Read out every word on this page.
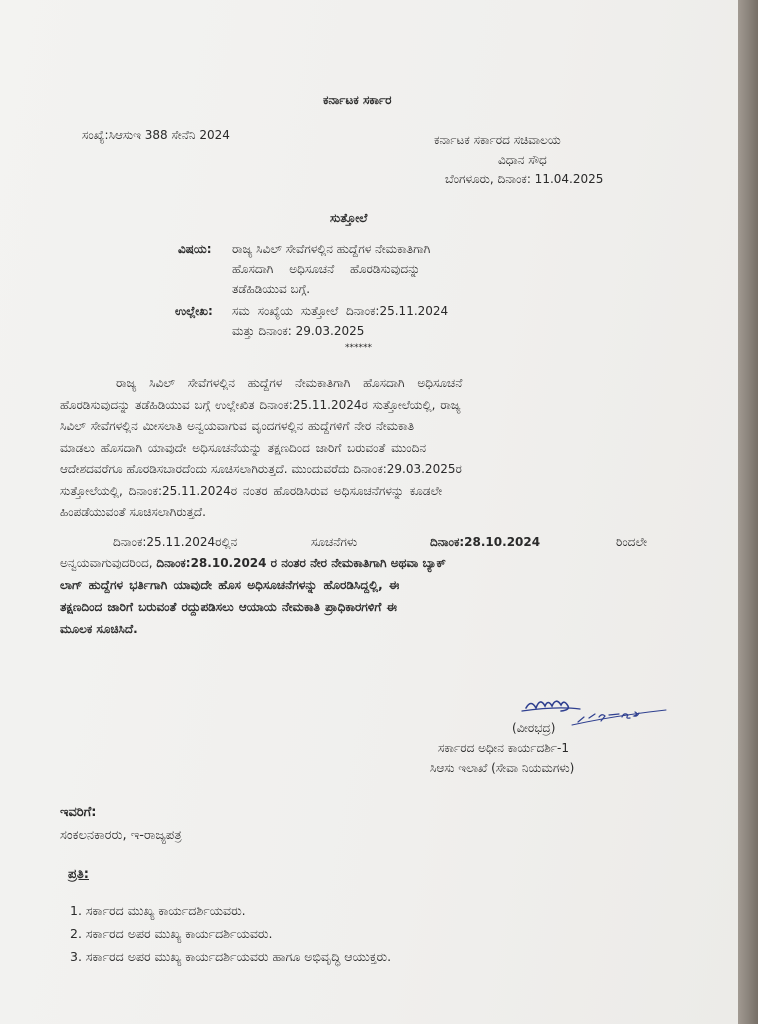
ಕರ್ನಾಟಕ ಸರ್ಕಾರ
ಸಂಖ್ಯೆ:ಸಿಆಸುಇ 388 ಸೇನೆನಿ 2024	ಕರ್ನಾಟಕ ಸರ್ಕಾರದ ಸಚಿವಾಲಯ
ವಿಧಾನ ಸೌಧ
ಬೆಂಗಳೂರು, ದಿನಾಂಕ: 11.04.2025
ಸುತ್ತೋಲೆ
ವಿಷಯ: ರಾಜ್ಯ ಸಿವಿಲ್ ಸೇವೆಗಳಲ್ಲಿನ ಹುದ್ದೆಗಳ ನೇಮಕಾತಿಗಾಗಿ
ಹೊಸದಾಗಿ ಅಧಿಸೂಚನೆ ಹೊರಡಿಸುವುದನ್ನು
ತಡೆಹಿಡಿಯುವ ಬಗ್ಗೆ.
ಉಲ್ಲೇಖ: ಸಮ ಸಂಖ್ಯೆಯ ಸುತ್ತೋಲೆ ದಿನಾಂಕ:25.11.2024
ಮತ್ತು ದಿನಾಂಕ: 29.03.2025
******
ರಾಜ್ಯ ಸಿವಿಲ್ ಸೇವೆಗಳಲ್ಲಿನ ಹುದ್ದೆಗಳ ನೇಮಕಾತಿಗಾಗಿ ಹೊಸದಾಗಿ ಅಧಿಸೂಚನೆ
ಹೊರಡಿಸುವುದನ್ನು ತಡೆಹಿಡಿಯುವ ಬಗ್ಗೆ ಉಲ್ಲೇಖಿತ ದಿನಾಂಕ:25.11.2024ರ ಸುತ್ತೋಲೆಯಲ್ಲಿ, ರಾಜ್ಯ
ಸಿವಿಲ್ ಸೇವೆಗಳಲ್ಲಿನ ಮೀಸಲಾತಿ ಅನ್ವಯವಾಗುವ ವೃಂದಗಳಲ್ಲಿನ ಹುದ್ದೆಗಳಿಗೆ ನೇರ ನೇಮಕಾತಿ
ಮಾಡಲು ಹೊಸದಾಗಿ ಯಾವುದೇ ಅಧಿಸೂಚನೆಯನ್ನು ತಕ್ಷಣದಿಂದ ಜಾರಿಗೆ ಬರುವಂತೆ ಮುಂದಿನ
ಆದೇಶದವರೆಗೂ ಹೊರಡಿಸಬಾರದೆಂದು ಸೂಚಿಸಲಾಗಿರುತ್ತದೆ. ಮುಂದುವರೆದು ದಿನಾಂಕ:29.03.2025ರ
ಸುತ್ತೋಲೆಯಲ್ಲಿ, ದಿನಾಂಕ:25.11.2024ರ ನಂತರ ಹೊರಡಿಸಿರುವ ಅಧಿಸೂಚನೆಗಳನ್ನು ಕೂಡಲೇ
ಹಿಂಪಡೆಯುವಂತೆ ಸೂಚಿಸಲಾಗಿರುತ್ತದೆ.
ದಿನಾಂಕ:25.11.2024ರಲ್ಲಿನ	ಸೂಚನೆಗಳು	ದಿನಾಂಕ:28.10.2024	ರಿಂದಲೇ
ಅನ್ವಯವಾಗುವುದರಿಂದ, ದಿನಾಂಕ:28.10.2024 ರ ನಂತರ ನೇರ ನೇಮಕಾತಿಗಾಗಿ ಅಥವಾ ಬ್ಯಾಕ್
ಲಾಗ್ ಹುದ್ದೆಗಳ ಭರ್ತಿಗಾಗಿ ಯಾವುದೇ ಹೊಸ ಅಧಿಸೂಚನೆಗಳನ್ನು ಹೊರಡಿಸಿದ್ದಲ್ಲಿ, ಈ
ತಕ್ಷಣದಿಂದ ಜಾರಿಗೆ ಬರುವಂತೆ ರದ್ದುಪಡಿಸಲು ಆಯಾಯ ನೇಮಕಾತಿ ಪ್ರಾಧಿಕಾರಗಳಿಗೆ ಈ
ಮೂಲಕ ಸೂಚಿಸಿದೆ.
(ವೀರಭದ್ರ)
ಸರ್ಕಾರದ ಅಧೀನ ಕಾರ್ಯದರ್ಶಿ-1
ಸಿಆಸು ಇಲಾಖೆ (ಸೇವಾ ನಿಯಮಗಳು)
ಇವರಿಗೆ:
ಸಂಕಲನಕಾರರು, ಇ-ರಾಜ್ಯಪತ್ರ
ಪ್ರತಿ:
1. ಸರ್ಕಾರದ ಮುಖ್ಯ ಕಾರ್ಯದರ್ಶಿಯವರು.
2. ಸರ್ಕಾರದ ಅಪರ ಮುಖ್ಯ ಕಾರ್ಯದರ್ಶಿಯವರು.
3. ಸರ್ಕಾರದ ಅಪರ ಮುಖ್ಯ ಕಾರ್ಯದರ್ಶಿಯವರು ಹಾಗೂ ಅಭಿವೃದ್ಧಿ ಆಯುಕ್ತರು.
